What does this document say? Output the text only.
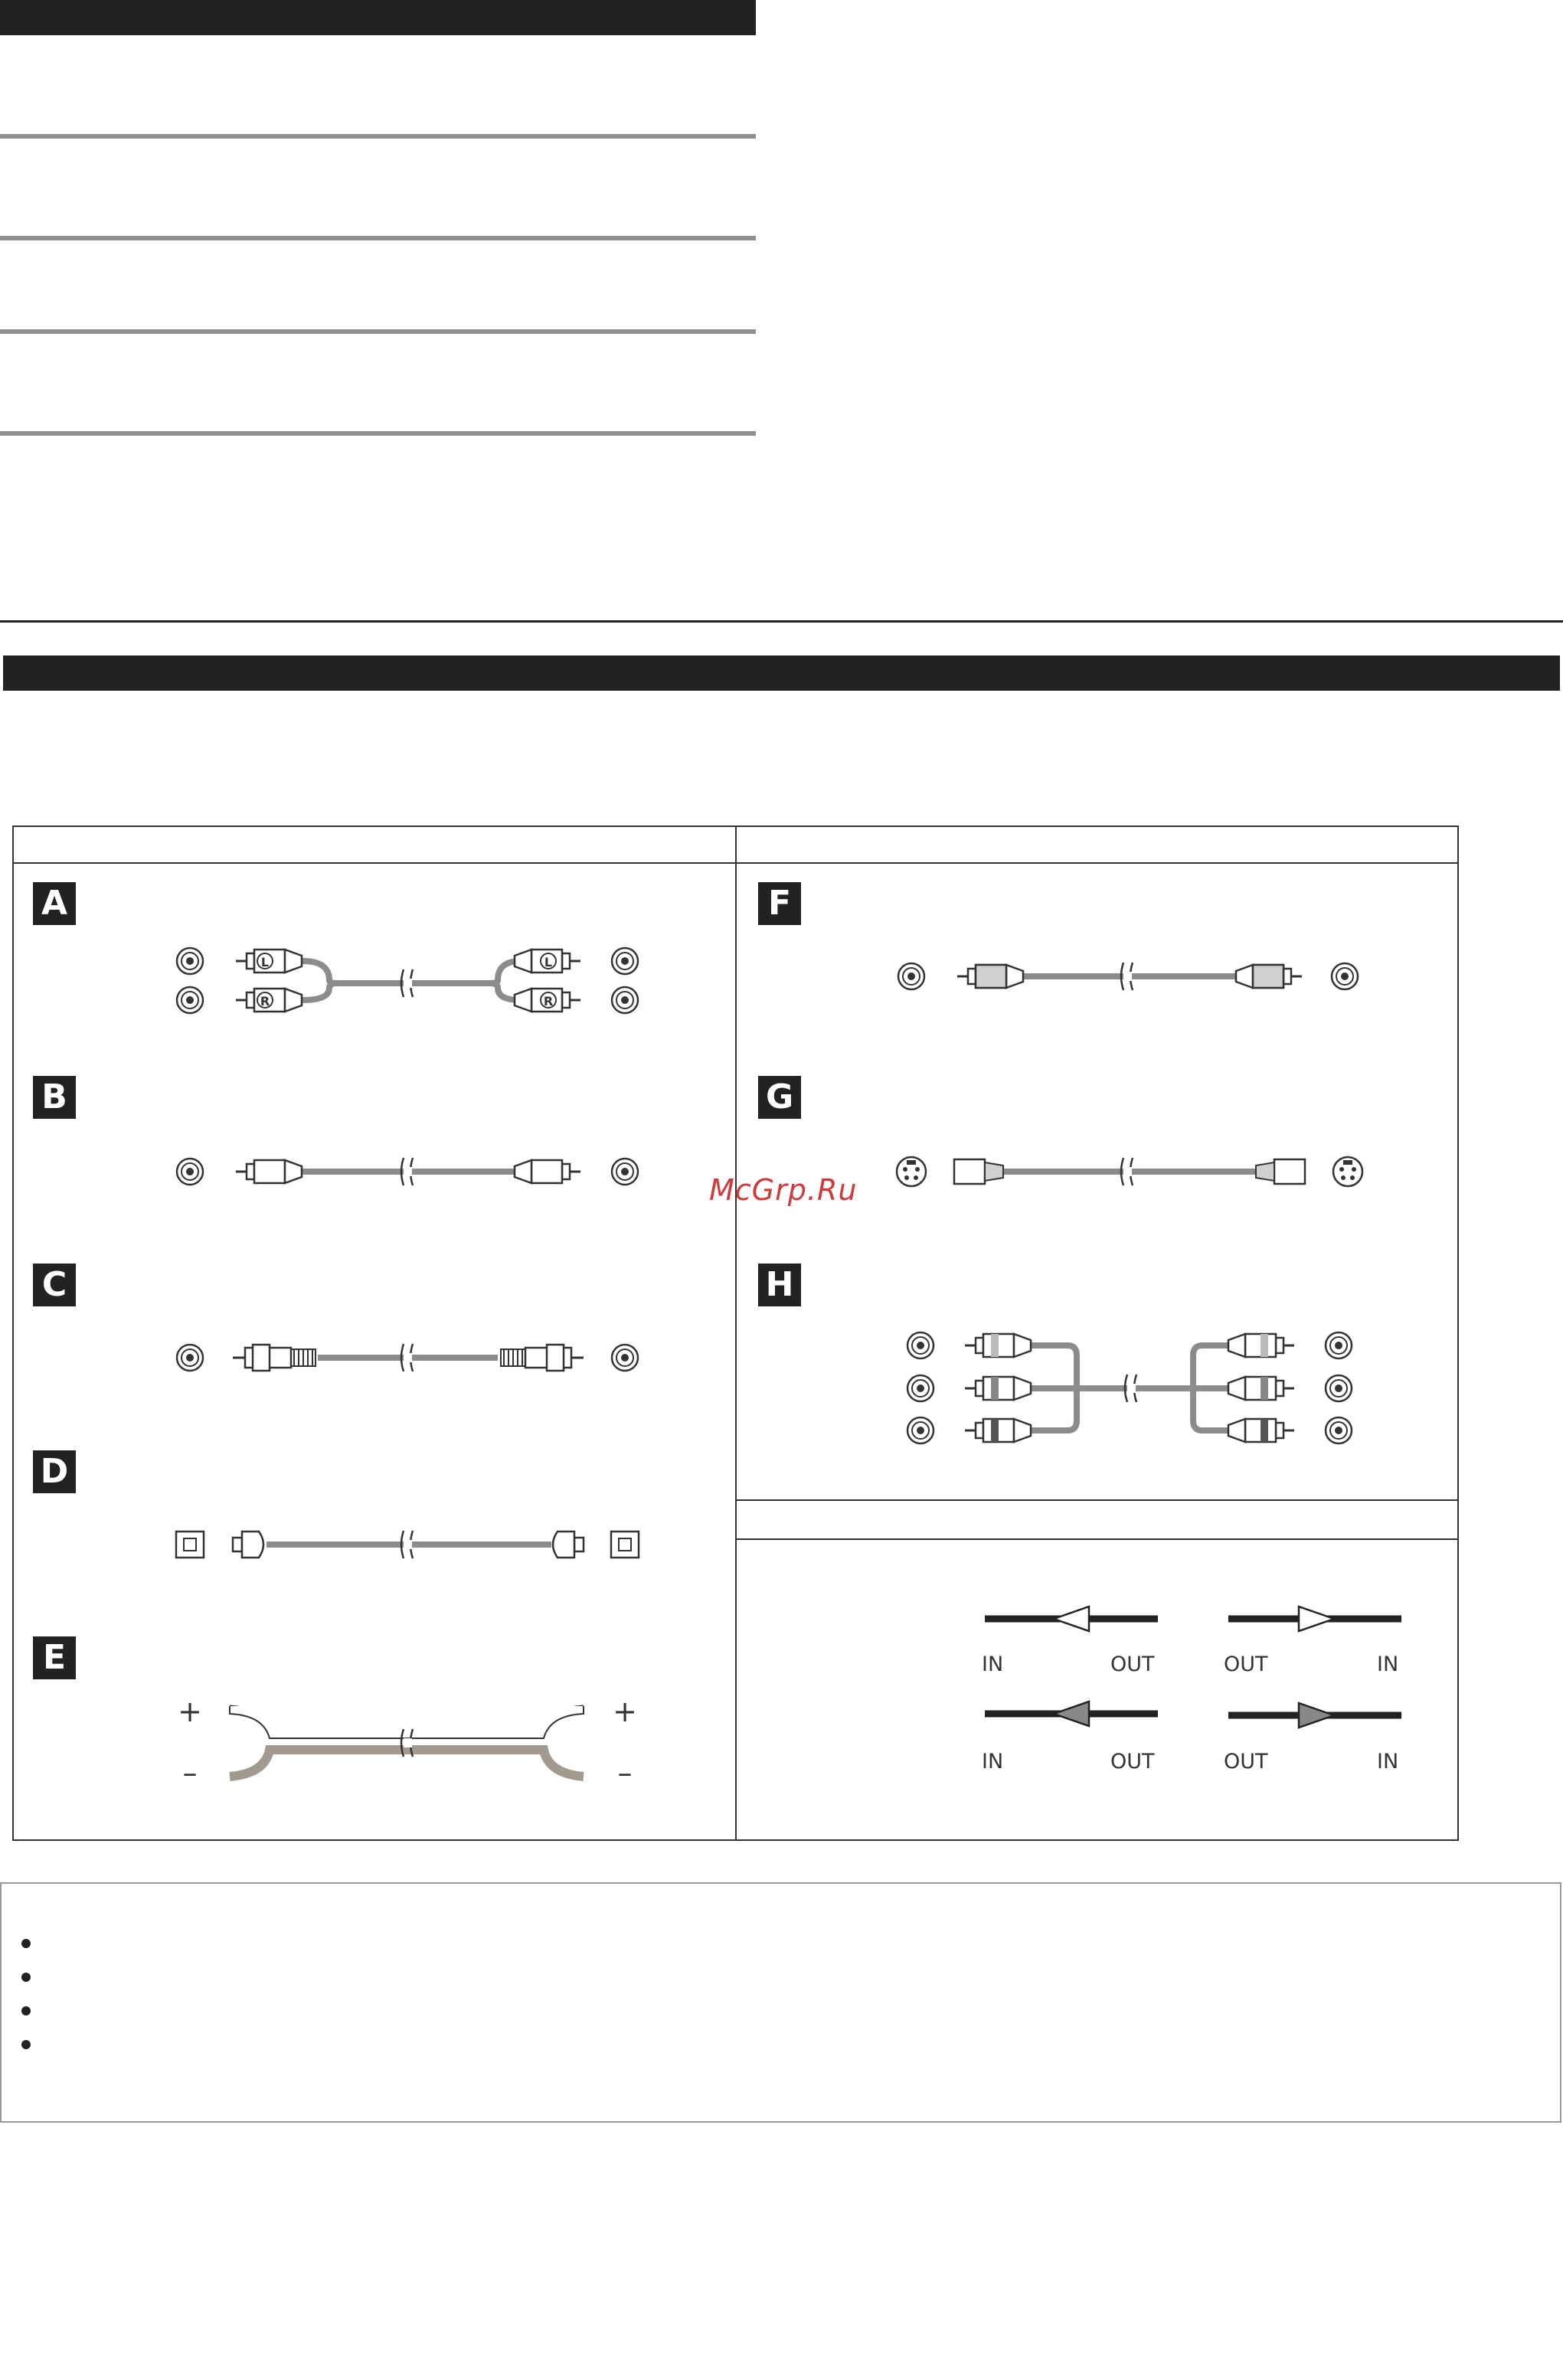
A
B
C
D
E
F
G
H
L
R
L
R
+
–
+
–
IN	OUT	OUT	IN
IN	OUT	OUT	IN
McGrp.Ru
